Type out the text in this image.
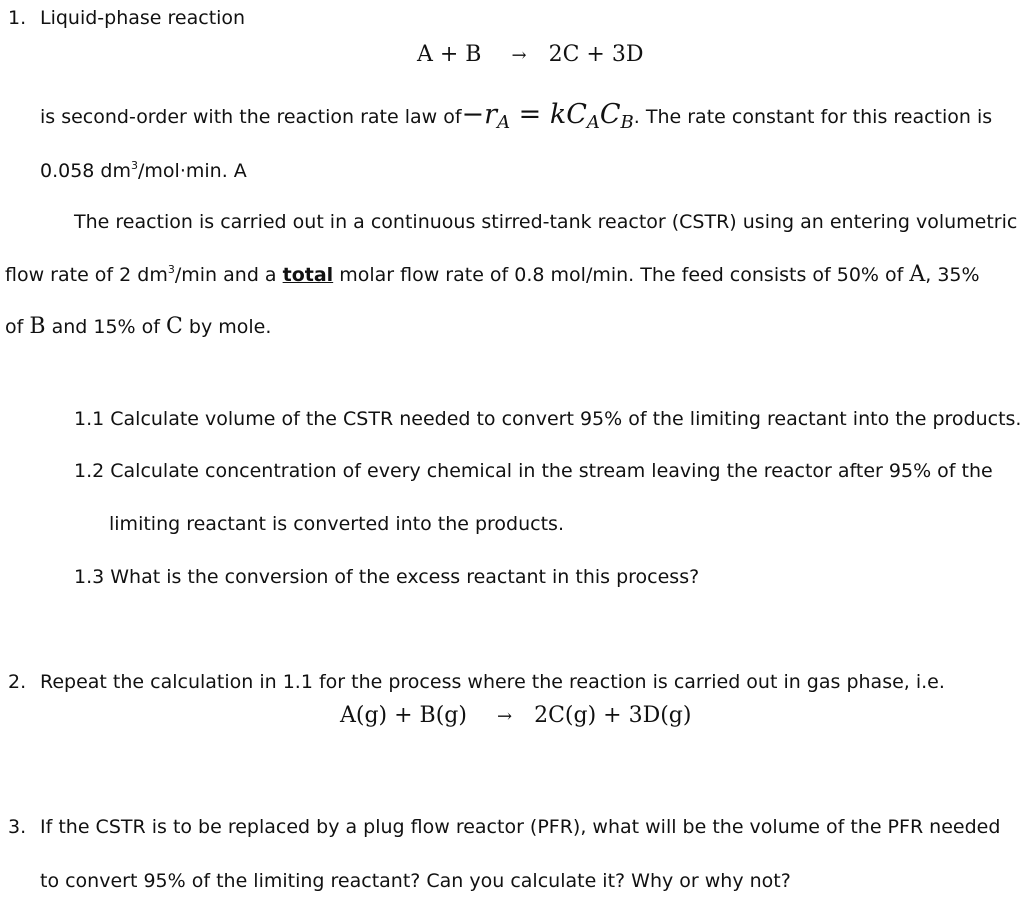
1. Liquid-phase reaction
A + B → 2C + 3D
is second-order with the reaction rate law of $-r_A = kC_AC_B$ . The rate constant for this reaction is
0.058 $dm^3/mol\cdot\min$. A
The reaction is carried out in a continuous stirred-tank reactor (CSTR) using an entering volumetric
flow rate of 2 $dm^3/\min$ and a total molar flow rate of 0.8 mol/min. The feed consists of 50% of A, 35%
of B and 15% of C by mole.
1.1 Calculate volume of the CSTR needed to convert 95% of the limiting reactant into the products.
1.2 Calculate concentration of every chemical in the stream leaving the reactor after 95% of the
limiting reactant is converted into the products.
1.3 What is the conversion of the excess reactant in this process?
2. Repeat the calculation in 1.1 for the process where the reaction is carried out in gas phase, i.e.
A(g) + B(g) → 2C(g) + 3D(g)
3. If the CSTR is to be replaced by a plug flow reactor (PFR), what will be the volume of the PFR needed
to convert 95% of the limiting reactant? Can you calculate it? Why or why not?
